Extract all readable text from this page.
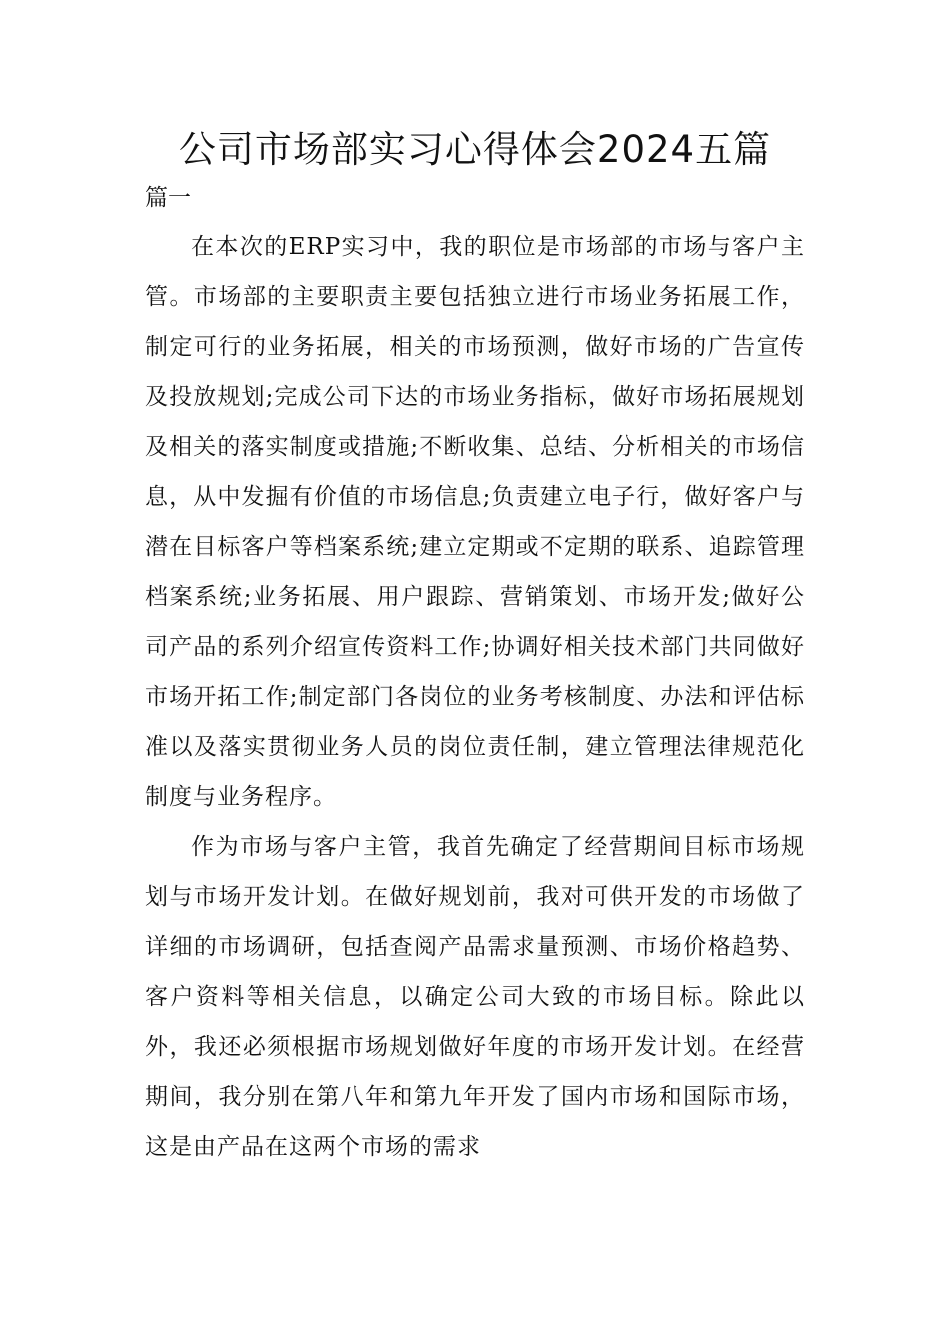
公司市场部实习心得体会2024五篇
篇一

在本次的ERP实习中，我的职位是市场部的市场与客户主管。市场部的主要职责主要包括独立进行市场业务拓展工作，制定可行的业务拓展，相关的市场预测，做好市场的广告宣传及投放规划;完成公司下达的市场业务指标，做好市场拓展规划及相关的落实制度或措施;不断收集、总结、分析相关的市场信息，从中发掘有价值的市场信息;负责建立电子行，做好客户与潜在目标客户等档案系统;建立定期或不定期的联系、追踪管理档案系统;业务拓展、用户跟踪、营销策划、市场开发;做好公司产品的系列介绍宣传资料工作;协调好相关技术部门共同做好市场开拓工作;制定部门各岗位的业务考核制度、办法和评估标准以及落实贯彻业务人员的岗位责任制，建立管理法律规范化制度与业务程序。

作为市场与客户主管，我首先确定了经营期间目标市场规划与市场开发计划。在做好规划前，我对可供开发的市场做了详细的市场调研，包括查阅产品需求量预测、市场价格趋势、客户资料等相关信息，以确定公司大致的市场目标。除此以外，我还必须根据市场规划做好年度的市场开发计划。在经营期间，我分别在第八年和第九年开发了国内市场和国际市场，这是由产品在这两个市场的需求
